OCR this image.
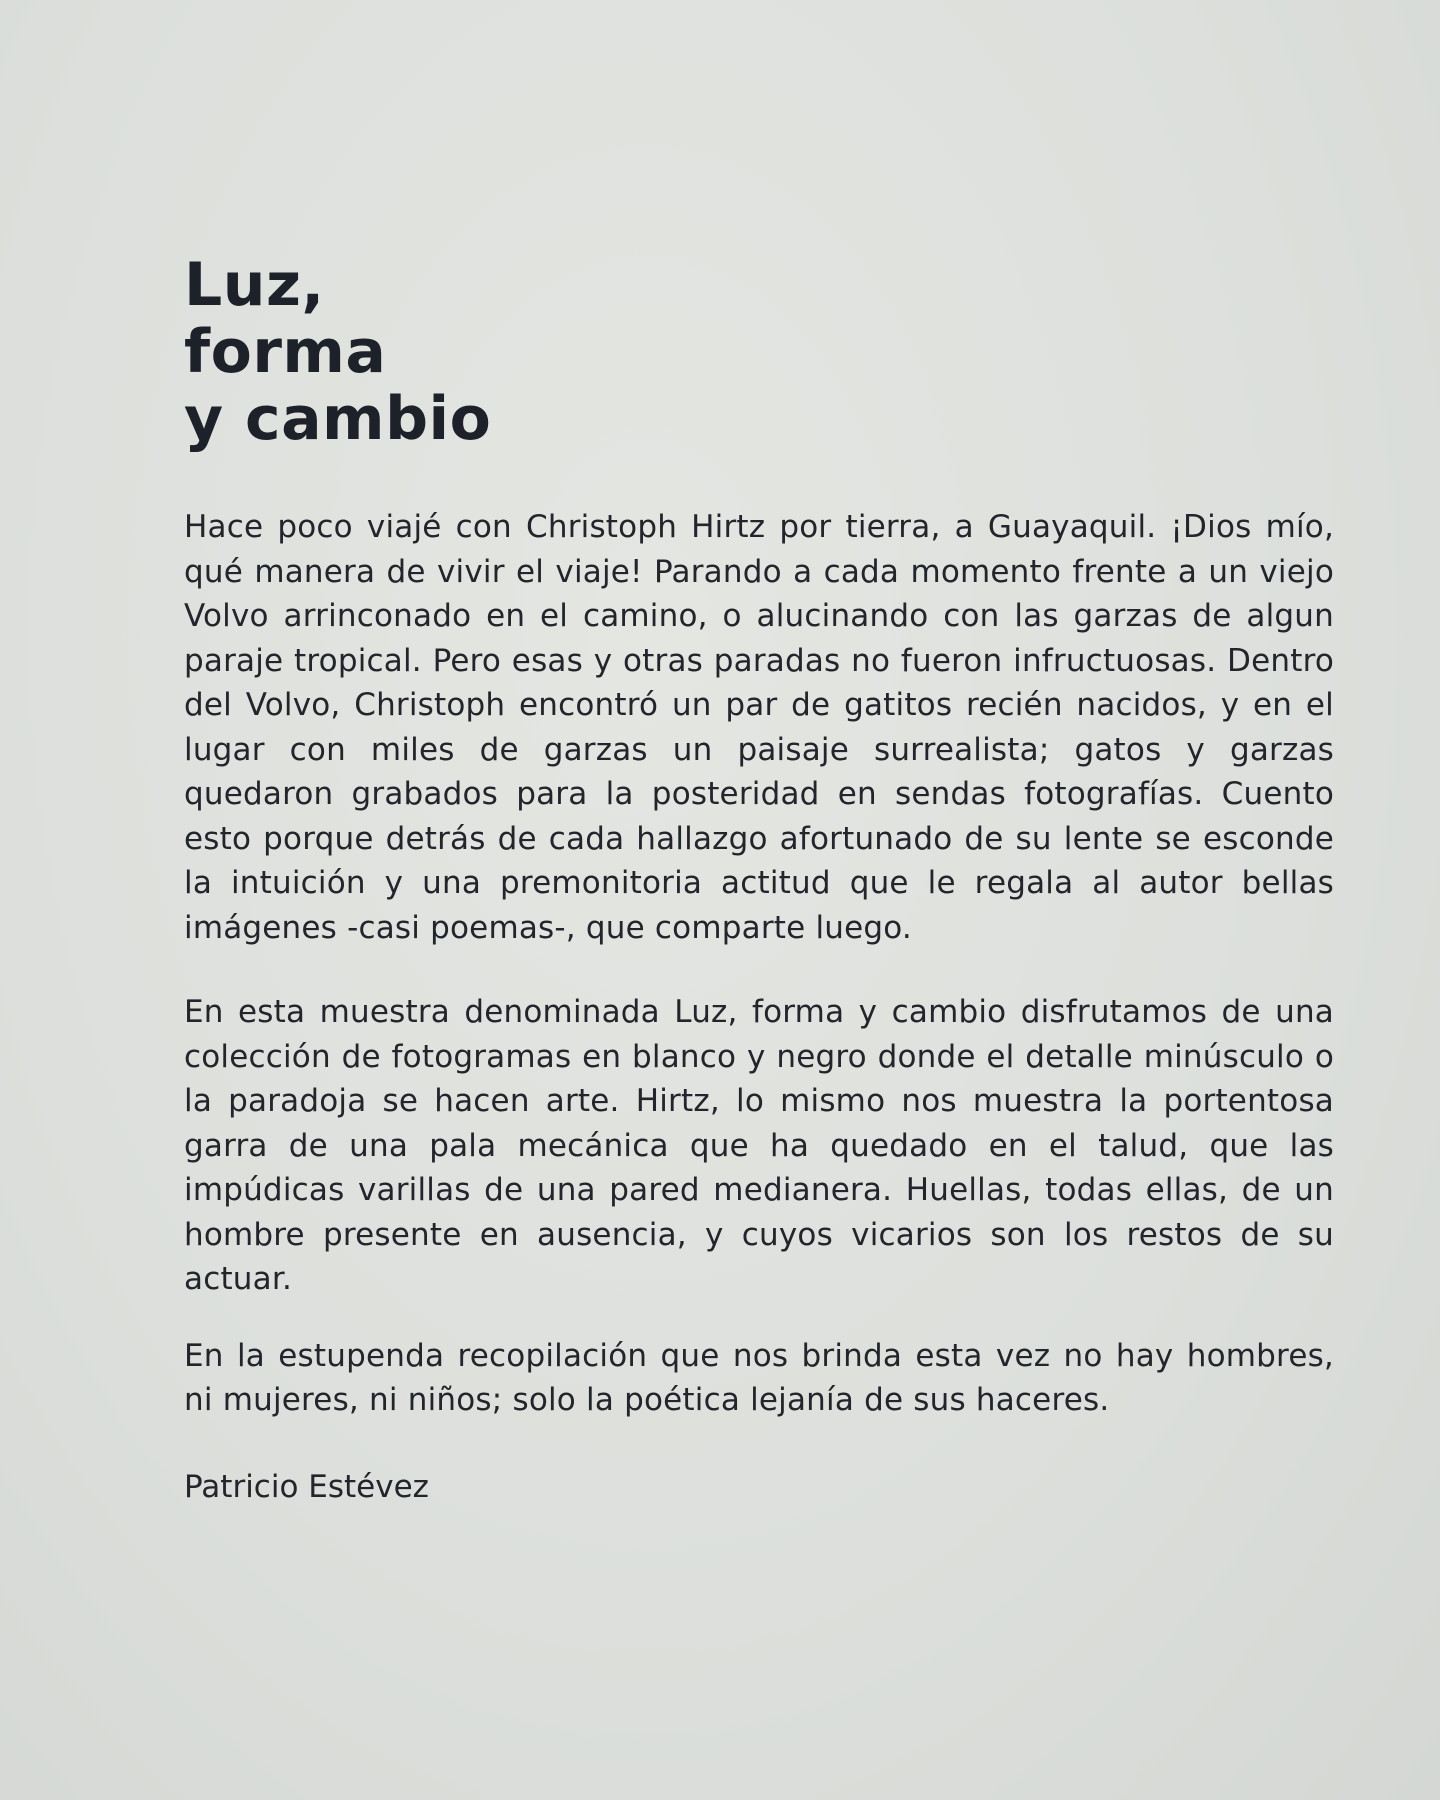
Luz,
forma
y cambio

Hace poco viajé con Christoph Hirtz por tierra, a Guayaquil. ¡Dios mío, qué manera de vivir el viaje! Parando a cada momento frente a un viejo Volvo arrinconado en el camino, o alucinando con las garzas de algun paraje tropical. Pero esas y otras paradas no fueron infructuosas. Dentro del Volvo, Christoph encontró un par de gatitos recién nacidos, y en el lugar con miles de garzas un paisaje surrealista; gatos y garzas quedaron grabados para la posteridad en sendas fotografías. Cuento esto porque detrás de cada hallazgo afortunado de su lente se esconde la intuición y una premonitoria actitud que le regala al autor bellas imágenes -casi poemas-, que comparte luego.

En esta muestra denominada Luz, forma y cambio disfrutamos de una colección de fotogramas en blanco y negro donde el detalle minúsculo o la paradoja se hacen arte. Hirtz, lo mismo nos muestra la portentosa garra de una pala mecánica que ha quedado en el talud, que las impúdicas varillas de una pared medianera. Huellas, todas ellas, de un hombre presente en ausencia, y cuyos vicarios son los restos de su actuar.

En la estupenda recopilación que nos brinda esta vez no hay hombres, ni mujeres, ni niños; solo la poética lejanía de sus haceres.

Patricio Estévez
